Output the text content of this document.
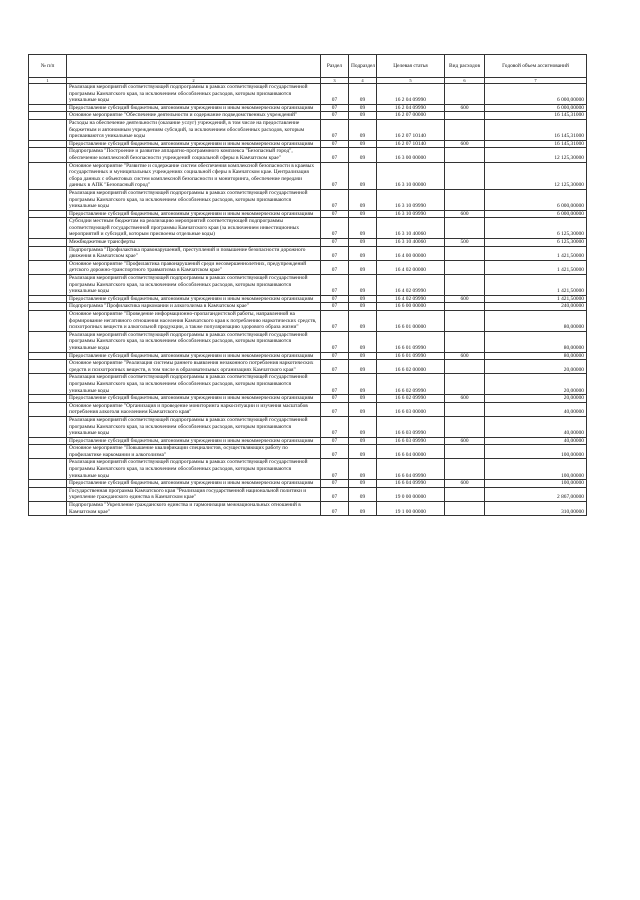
№ п/п		Раздел	Подраздел	Целевая статья	Вид расходов	Годовой объем ассигнований
1	2	3	4	5	6	7
	Реализация мероприятий соответствующей подпрограммы в рамках соответствующей государственной программы Камчатского края, за исключением обособленных расходов, которым присваиваются уникальные коды	07	09	16 2 04 09990		6 000,00000
	Предоставление субсидий бюджетным, автономным учреждениям и иным некоммерческим организациям	07	09	16 2 04 09990	600	6 000,00000
	Основное мероприятие "Обеспечение деятельности и содержание подведомственных учреждений"	07	09	16 2 07 00000		16 145,31000
	Расходы на обеспечение деятельности (оказание услуг) учреждений, в том числе на предоставление бюджетным и автономным учреждениям субсидий, за исключением обособленных расходов, которым присваиваются уникальные коды	07	09	16 2 07 10140		16 145,31000
	Предоставление субсидий бюджетным, автономным учреждениям и иным некоммерческим организациям	07	09	16 2 07 10140	600	16 145,31000
	Подпрограмма "Построение и развитие аппаратно-программного комплекса "Безопасный город", обеспечение комплексной безопасности учреждений социальной сферы в Камчатском крае"	07	09	16 3 00 00000		12 125,30000
	Основное мероприятие "Развитие и содержание систем обеспечения комплексной безопасности в краевых государственных и муниципальных учреждениях социальной сферы в Камчатском крае. Централизация сбора данных с объектовых систем комплексной безопасности и мониторинга, обеспечение передачи данных в АПК "Безопасный город"	07	09	16 3 10 00000		12 125,30000
	Реализация мероприятий соответствующей подпрограммы в рамках соответствующей государственной программы Камчатского края, за исключением обособленных расходов, которым присваиваются уникальные коды	07	09	16 3 10 09990		6 000,00000
	Предоставление субсидий бюджетным, автономным учреждениям и иным некоммерческим организациям	07	09	16 3 10 09990	600	6 000,00000
	Субсидии местным бюджетам на реализацию мероприятий соответствующей подпрограммы соответствующей государственной программы Камчатского края (за исключением инвестиционных мероприятий и субсидий, которым присвоены отдельные коды)	07	09	16 3 10 40060		6 125,30000
	Межбюджетные трансферты	07	09	16 3 10 40060	500	6 125,30000
	Подпрограмма "Профилактика правонарушений, преступлений и повышение безопасности дорожного движения в Камчатском крае"	07	09	16 4 00 00000		1 421,50000
	Основное мероприятие "Профилактика правонарушений среди несовершеннолетних, предупреждений детского дорожно-транспортного травматизма в Камчатском крае"	07	09	16 4 02 00000		1 421,50000
	Реализация мероприятий соответствующей подпрограммы в рамках соответствующей государственной программы Камчатского края, за исключением обособленных расходов, которым присваиваются уникальные коды	07	09	16 4 02 09990		1 421,50000
	Предоставление субсидий бюджетным, автономным учреждениям и иным некоммерческим организациям	07	09	16 4 02 09990	600	1 421,50000
	Подпрограмма "Профилактика наркомании и алкоголизма в Камчатском крае"	07	09	16 6 00 00000		240,00000
	Основное мероприятие "Проведение информационно-пропагандистской работы, направленной на формирование негативного отношения населения Камчатского края к потреблению наркотических средств, психотропных веществ и алкогольной продукции, а также популяризацию здорового образа жизни"	07	09	16 6 01 00000		80,00000
	Реализация мероприятий соответствующей подпрограммы в рамках соответствующей государственной программы Камчатского края, за исключением обособленных расходов, которым присваиваются уникальные коды	07	09	16 6 01 09990		80,00000
	Предоставление субсидий бюджетным, автономным учреждениям и иным некоммерческим организациям	07	09	16 6 01 09990	600	80,00000
	Основное мероприятие "Реализация системы раннего выявления незаконного потребления наркотических средств и психотропных веществ, в том числе в образовательных организациях Камчатского края"	07	09	16 6 02 00000		20,00000
	Реализация мероприятий соответствующей подпрограммы в рамках соответствующей государственной программы Камчатского края, за исключением обособленных расходов, которым присваиваются уникальные коды	07	09	16 6 02 09990		20,00000
	Предоставление субсидий бюджетным, автономным учреждениям и иным некоммерческим организациям	07	09	16 6 02 09990	600	20,00000
	Основное мероприятие "Организация и проведение мониторинга наркоситуации и изучения масштабов потребления алкоголя населением Камчатского края"	07	09	16 6 03 00000		40,00000
	Реализация мероприятий соответствующей подпрограммы в рамках соответствующей государственной программы Камчатского края, за исключением обособленных расходов, которым присваиваются уникальные коды	07	09	16 6 03 09990		40,00000
	Предоставление субсидий бюджетным, автономным учреждениям и иным некоммерческим организациям	07	09	16 6 03 09990	600	40,00000
	Основное мероприятие "Повышение квалификации специалистов, осуществляющих работу по профилактике наркомании и алкоголизма"	07	09	16 6 04 00000		100,00000
	Реализация мероприятий соответствующей подпрограммы в рамках соответствующей государственной программы Камчатского края, за исключением обособленных расходов, которым присваиваются уникальные коды	07	09	16 6 04 09990		100,00000
	Предоставление субсидий бюджетным, автономным учреждениям и иным некоммерческим организациям	07	09	16 6 04 09990	600	100,00000
	Государственная программа Камчатского края "Реализация государственной национальной политики и укрепление гражданского единства в Камчатском крае"	07	09	19 0 00 00000		2 867,00000
	Подпрограмма "Укрепление гражданского единства и гармонизация межнациональных отношений в Камчатском крае"	07	09	19 1 00 00000		310,00000
